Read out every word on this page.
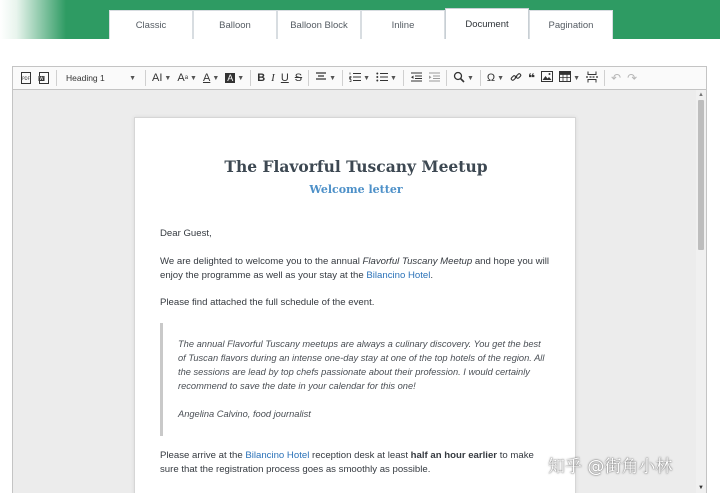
Classic	Balloon	Balloon Block	Inline	Document	Pagination
PDF W	Heading 1	▼ AI ▼ A a ▼ A ▼ A ▼ B I U S	▼	▼	▼	▼ Ω ▼ ❝	▼	↶ ↷
The Flavorful Tuscany Meetup
Welcome letter
Dear Guest,
We are delighted to welcome you to the annual Flavorful Tuscany Meetup and hope you will enjoy the programme as well as your stay at the Bilancino Hotel.
Please find attached the full schedule of the event.
The annual Flavorful Tuscany meetups are always a culinary discovery. You get the best of Tuscan flavors during an intense one-day stay at one of the top hotels of the region. All the sessions are lead by top chefs passionate about their profession. I would certainly recommend to save the date in your calendar for this one!
Angelina Calvino, food journalist
Please arrive at the Bilancino Hotel reception desk at least half an hour earlier to make sure that the registration process goes as smoothly as possible.
▲
▼
知乎 @街角小林
